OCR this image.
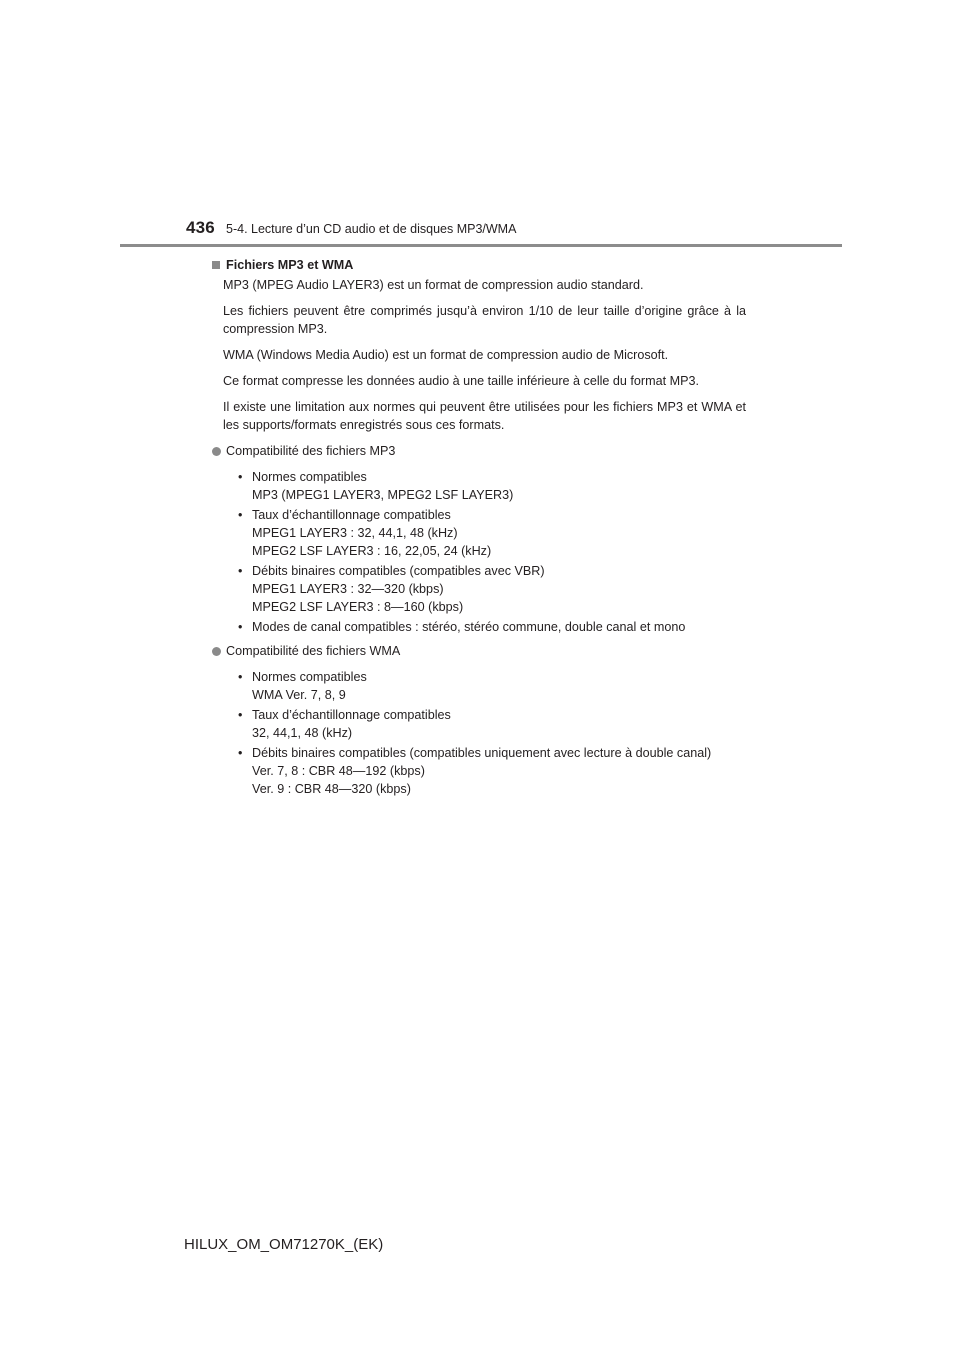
436 5-4. Lecture d’un CD audio et de disques MP3/WMA
Fichiers MP3 et WMA

MP3 (MPEG Audio LAYER3) est un format de compression audio standard.

Les fichiers peuvent être comprimés jusqu’à environ 1/10 de leur taille d’origine grâce à la compression MP3.

WMA (Windows Media Audio) est un format de compression audio de Microsoft.

Ce format compresse les données audio à une taille inférieure à celle du format MP3.

Il existe une limitation aux normes qui peuvent être utilisées pour les fichiers MP3 et WMA et les supports/formats enregistrés sous ces formats.

Compatibilité des fichiers MP3
• Normes compatibles
MP3 (MPEG1 LAYER3, MPEG2 LSF LAYER3)
• Taux d’échantillonnage compatibles
MPEG1 LAYER3 : 32, 44,1, 48 (kHz)
MPEG2 LSF LAYER3 : 16, 22,05, 24 (kHz)
• Débits binaires compatibles (compatibles avec VBR)
MPEG1 LAYER3 : 32—320 (kbps)
MPEG2 LSF LAYER3 : 8—160 (kbps)
• Modes de canal compatibles : stéréo, stéréo commune, double canal et mono
Compatibilité des fichiers WMA
• Normes compatibles
WMA Ver. 7, 8, 9
• Taux d’échantillonnage compatibles
32, 44,1, 48 (kHz)
• Débits binaires compatibles (compatibles uniquement avec lecture à double canal)
Ver. 7, 8 : CBR 48—192 (kbps)
Ver. 9 : CBR 48—320 (kbps)
HILUX_OM_OM71270K_(EK)
